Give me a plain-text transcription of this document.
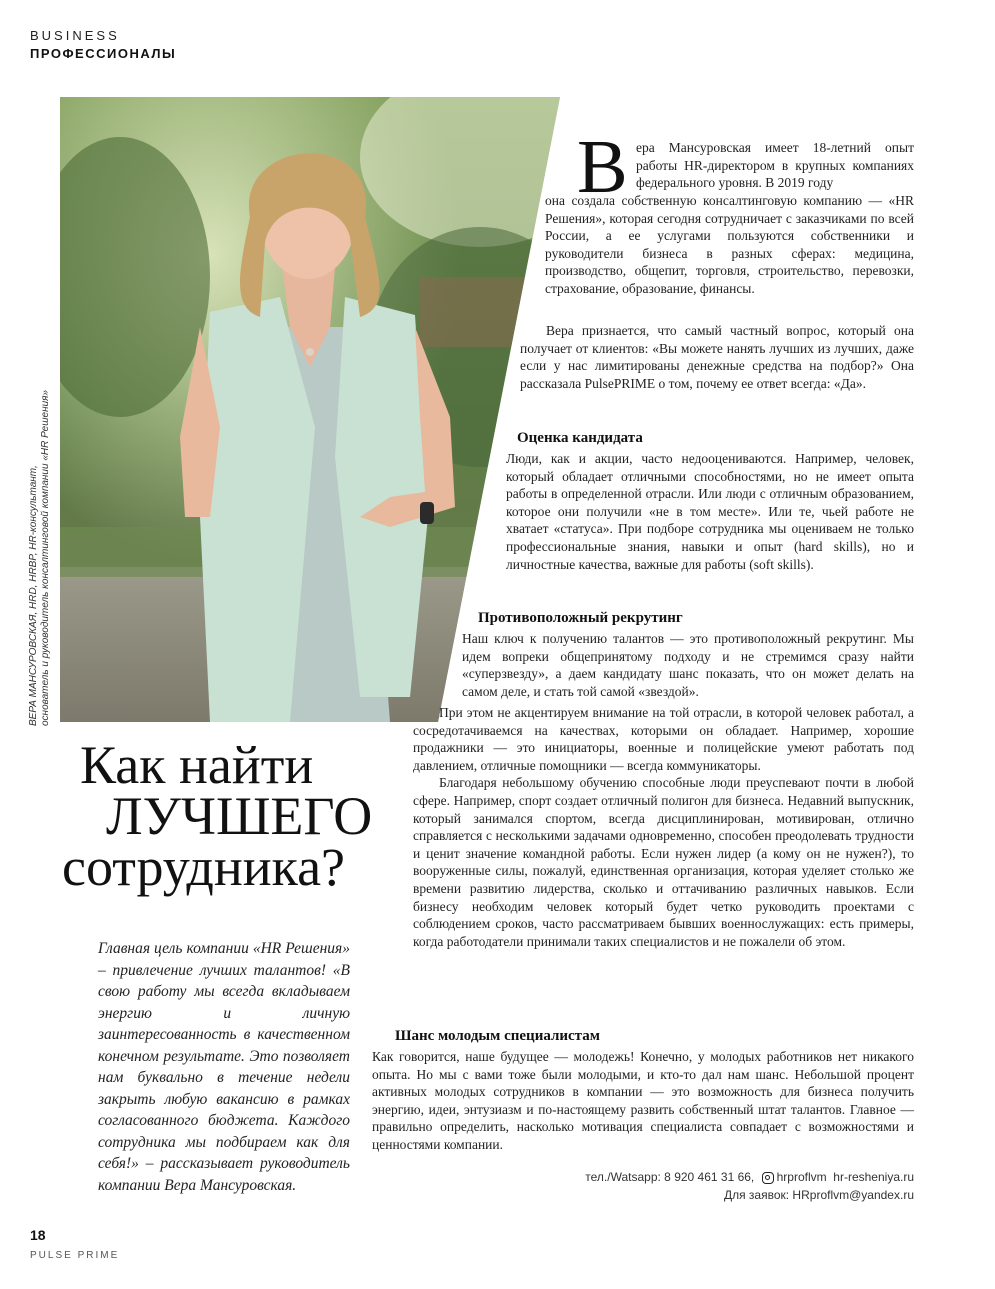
BUSINESS
ПРОФЕССИОНАЛЫ
ВЕРА МАНСУРОВСКАЯ, HRD, HRBP, HR-консультант, основатель и руководитель консалтинговой компании «HR Решения»
Как найти
ЛУЧШЕГО
сотрудника?
Главная цель компании «HR Решения» – привлечение лучших талантов! «В свою работу мы всегда вкладываем энергию и личную заинтересованность в качественном конечном результате. Это позволяет нам буквально в течение недели закрыть любую вакансию в рамках согласованного бюджета. Каждого сотрудника мы подбираем как для себя!» – рассказывает руководитель компании Вера Мансуровская.
В ера Мансуровская имеет 18-летний опыт работы HR-директором в крупных компаниях федерального уровня. В 2019 году
она создала собственную консалтинговую компанию — «HR Решения», которая сегодня сотрудничает с заказчиками по всей России, а ее услугами пользуются собственники и руководители бизнеса в разных сферах: медицина, производство, общепит, торговля, строительство, перевозки, страхование, образование, финансы.
Вера признается, что самый частный вопрос, который она получает от клиентов: «Вы можете нанять лучших из лучших, даже если у нас лимитированы денежные средства на подбор?» Она рассказала PulsePRIME о том, почему ее ответ всегда: «Да».
Оценка кандидата
Люди, как и акции, часто недооцениваются. Например, человек, который обладает отличными способностями, но не имеет опыта работы в определенной отрасли. Или люди с отличным образованием, которое они получили «не в том месте». Или те, чьей работе не хватает «статуса». При подборе сотрудника мы оцениваем не только профессиональные знания, навыки и опыт (hard skills), но и личностные качества, важные для работы (soft skills).
Противоположный рекрутинг
Наш ключ к получению талантов — это противоположный рекрутинг. Мы идем вопреки общепринятому подходу и не стремимся сразу найти «суперзвезду», а даем кандидату шанс показать, что он может делать на самом деле, и стать той самой «звездой».
При этом не акцентируем внимание на той отрасли, в которой человек работал, а сосредотачиваемся на качествах, которыми он обладает. Например, хорошие продажники — это инициаторы, военные и полицейские умеют работать под давлением, отличные помощники — всегда коммуникаторы.
Благодаря небольшому обучению способные люди преуспевают почти в любой сфере. Например, спорт создает отличный полигон для бизнеса. Недавний выпускник, который занимался спортом, всегда дисциплинирован, мотивирован, отлично справляется с несколькими задачами одновременно, способен преодолевать трудности и ценит значение командной работы. Если нужен лидер (а кому он не нужен?), то вооруженные силы, пожалуй, единственная организация, которая уделяет столько же времени развитию лидерства, сколько и оттачиванию различных навыков. Если бизнесу необходим человек который будет четко руководить проектами с соблюдением сроков, часто рассматриваем бывших военнослужащих: есть примеры, когда работодатели принимали таких специалистов и не пожалели об этом.
Шанс молодым специалистам
Как говорится, наше будущее — молодежь! Конечно, у молодых работников нет никакого опыта. Но мы с вами тоже были молодыми, и кто-то дал нам шанс. Небольшой процент активных молодых сотрудников в компании — это возможность для бизнеса получить энергию, идеи, энтузиазм и по-настоящему развить собственный штат талантов. Главное — правильно определить, насколько мотивация специалиста совпадает с возможностями и ценностями компании.
тел./Watsapp: 8 920 461 31 66, hrproflvm hr-resheniya.ru
Для заявок: HRproflvm@yandex.ru
18
PULSE PRIME
